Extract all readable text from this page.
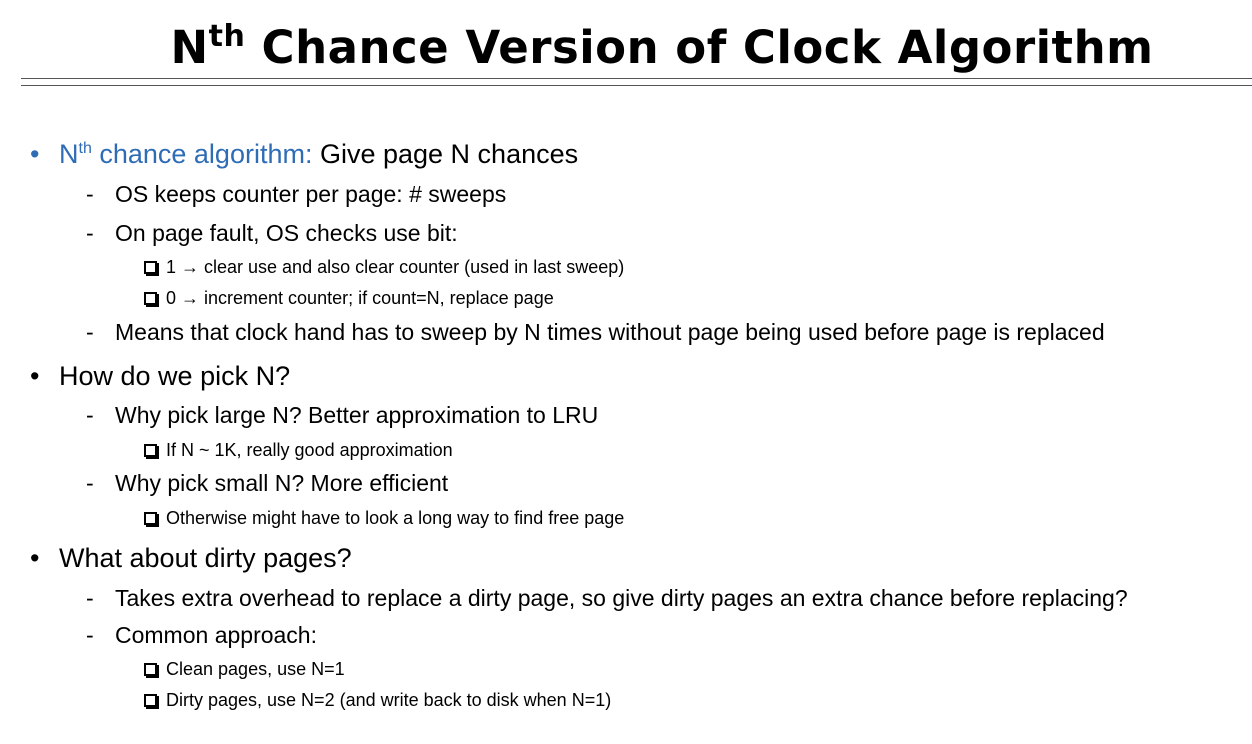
$N^{th}$ Chance Version of Clock Algorithm
• $N^{th}$ chance algorithm: Give page N chances
- OS keeps counter per page: # sweeps
- On page fault, OS checks use bit:
1 → clear use and also clear counter (used in last sweep)
0 → increment counter; if count=N, replace page
- Means that clock hand has to sweep by N times without page being used before page is replaced
• How do we pick N?
- Why pick large N? Better approximation to LRU
If N ~ 1K, really good approximation
- Why pick small N? More efficient
Otherwise might have to look a long way to find free page
• What about dirty pages?
- Takes extra overhead to replace a dirty page, so give dirty pages an extra chance before replacing?
- Common approach:
Clean pages, use N=1
Dirty pages, use N=2 (and write back to disk when N=1)
